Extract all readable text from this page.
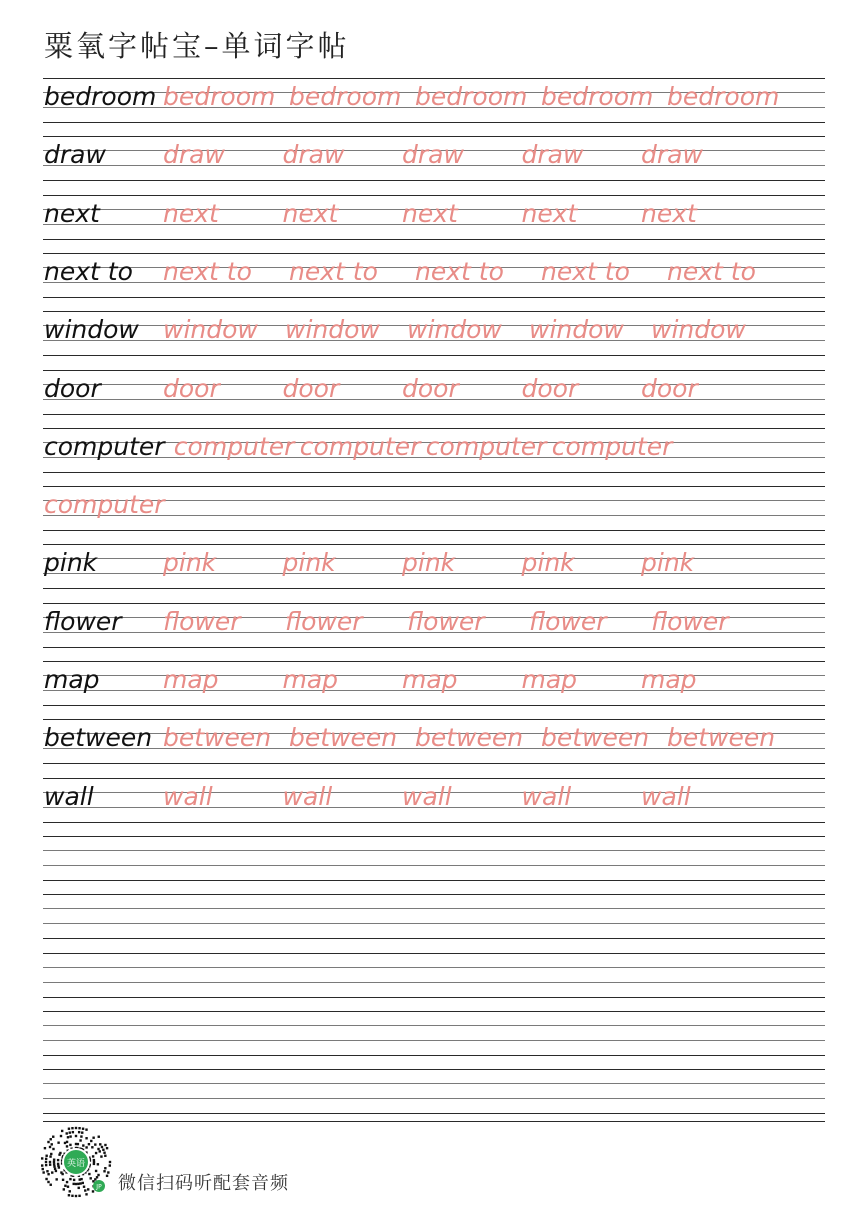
粟氧字帖宝–单词字帖
bedroom bedroom bedroom bedroom bedroom bedroom
draw draw draw draw draw draw
next	next	next	next	next	next
next to next to next to next to next to next to
window window window window window window
door door	door	door	door	door
computer computer computer computer computer
computer
pink	pink	pink	pink	pink	pink
flower flower flower flower flower flower
map	map	map	map	map	map
between between between between between between
wall	wall	wall	wall	wall	wall
英语
JP 微信扫码听配套音频
